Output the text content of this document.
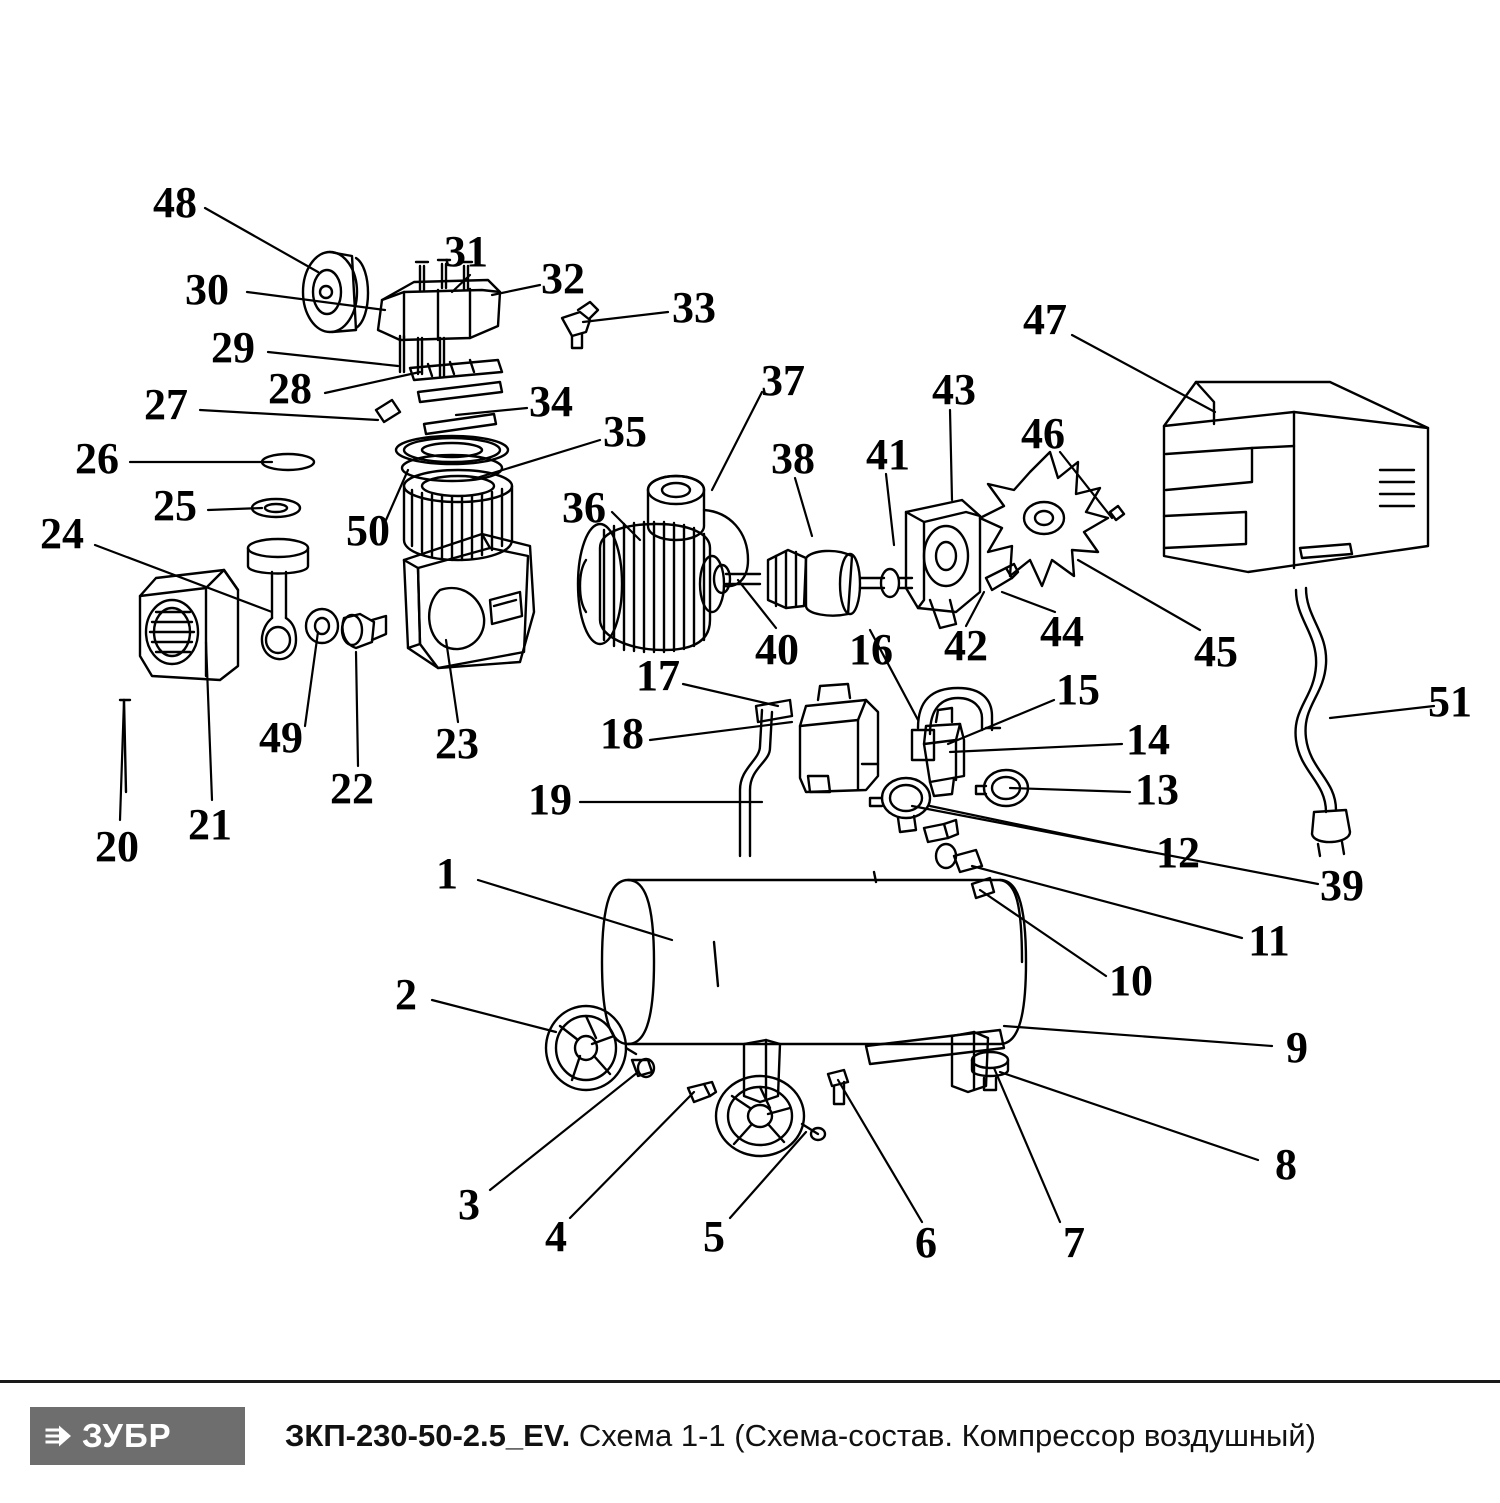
48
31
32
30	33	47
29
28	37	43
27	34
35
38 41	46
26
25	36
50
24
40 16 42 44	45
17	15	51
18	14
49	23
13
22	19
21
20	12
39
1
11
10
2
9
8
3
4	5	6	7
ЗУБР	ЗКП-230-50-2.5_EV. Схема 1-1 (Схема-состав. Компрессор воздушный)
